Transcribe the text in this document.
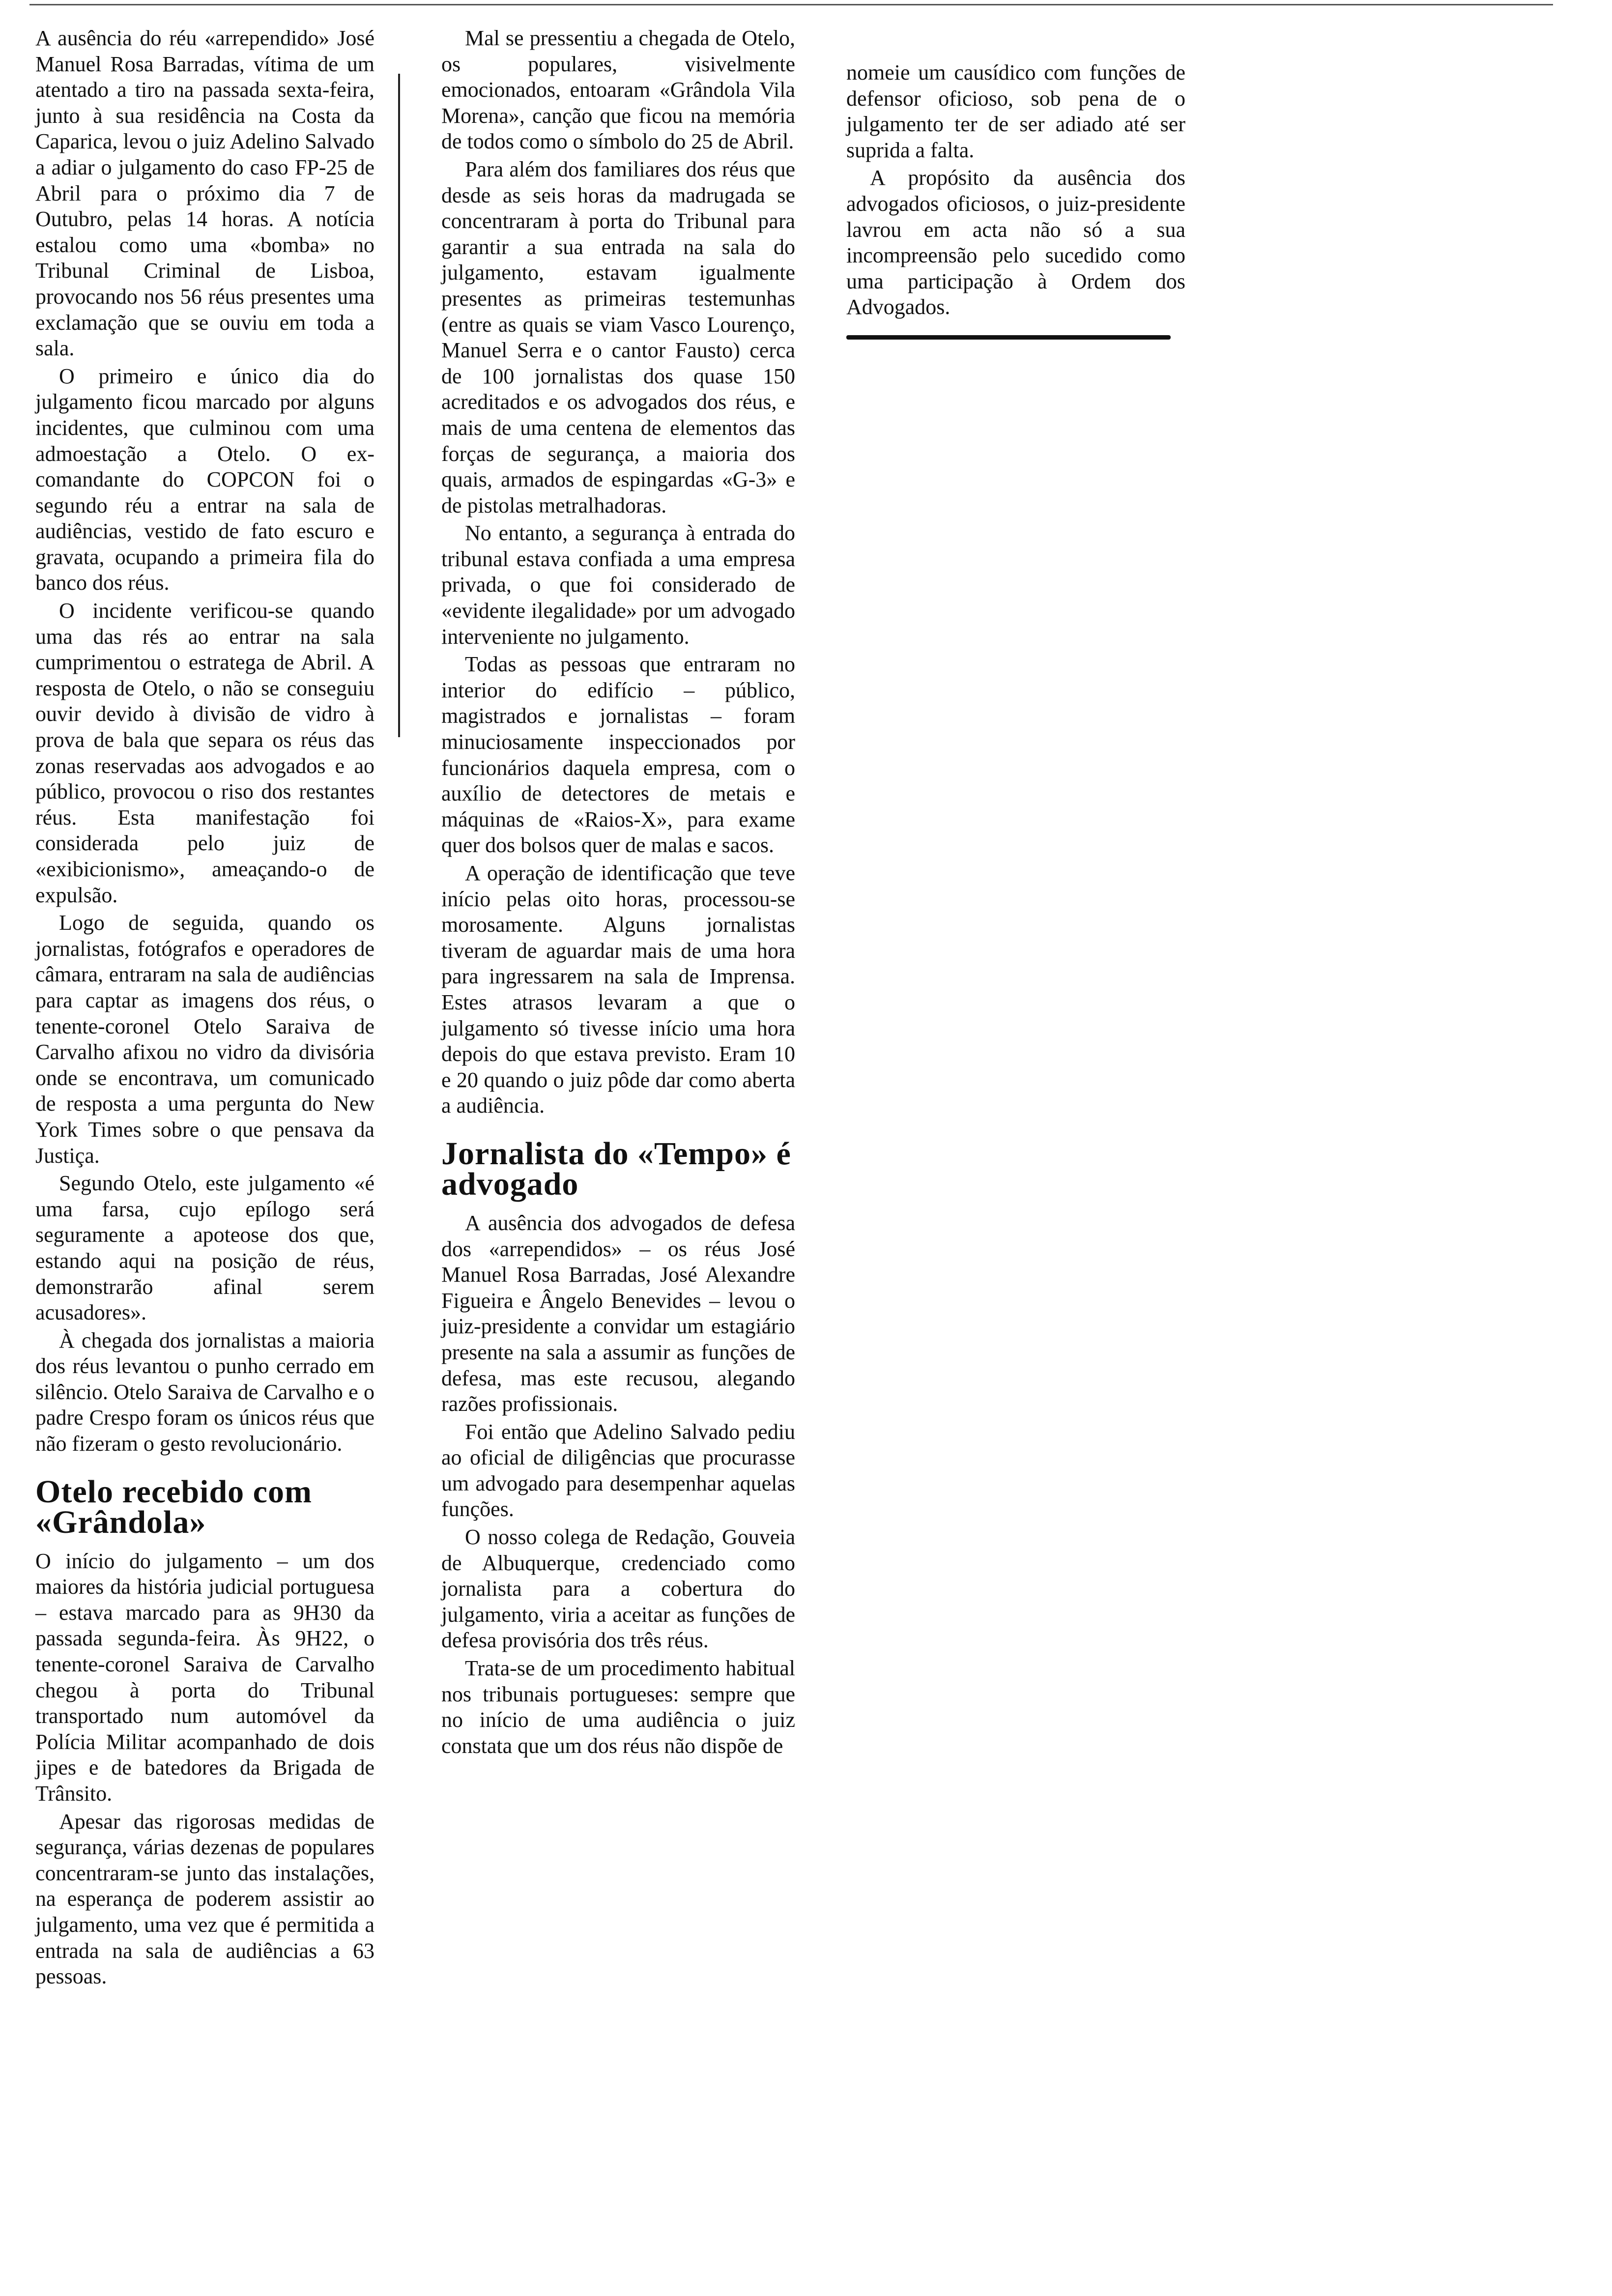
A ausência do réu «arrependido» José Manuel Rosa Barradas, vítima de um atentado a tiro na passada sexta-feira, junto à sua residência na Costa da Caparica, levou o juiz Adelino Salvado a adiar o julgamento do caso FP-25 de Abril para o próximo dia 7 de Outubro, pelas 14 horas. A notícia estalou como uma «bomba» no Tribunal Criminal de Lisboa, provocando nos 56 réus presentes uma exclamação que se ouviu em toda a sala.

O primeiro e único dia do julgamento ficou marcado por alguns incidentes, que culminou com uma admoestação a Otelo. O ex-comandante do COPCON foi o segundo réu a entrar na sala de audiências, vestido de fato escuro e gravata, ocupando a primeira fila do banco dos réus.

O incidente verificou-se quando uma das rés ao entrar na sala cumprimentou o estratega de Abril. A resposta de Otelo, o não se conseguiu ouvir devido à divisão de vidro à prova de bala que separa os réus das zonas reservadas aos advogados e ao público, provocou o riso dos restantes réus. Esta manifestação foi considerada pelo juiz de «exibicionismo», ameaçando-o de expulsão.

Logo de seguida, quando os jornalistas, fotógrafos e operadores de câmara, entraram na sala de audiências para captar as imagens dos réus, o tenente-coronel Otelo Saraiva de Carvalho afixou no vidro da divisória onde se encontrava, um comunicado de resposta a uma pergunta do New York Times sobre o que pensava da Justiça.

Segundo Otelo, este julgamento «é uma farsa, cujo epílogo será seguramente a apoteose dos que, estando aqui na posição de réus, demonstrarão afinal serem acusadores».

À chegada dos jornalistas a maioria dos réus levantou o punho cerrado em silêncio. Otelo Saraiva de Carvalho e o padre Crespo foram os únicos réus que não fizeram o gesto revolucionário.

Otelo recebido com «Grândola»

O início do julgamento – um dos maiores da história judicial portuguesa – estava marcado para as 9H30 da passada segunda-feira. Às 9H22, o tenente-coronel Saraiva de Carvalho chegou à porta do Tribunal transportado num automóvel da Polícia Militar acompanhado de dois jipes e de batedores da Brigada de Trânsito.

Apesar das rigorosas medidas de segurança, várias dezenas de populares concentraram-se junto das instalações, na esperança de poderem assistir ao julgamento, uma vez que é permitida a entrada na sala de audiências a 63 pessoas.

Mal se pressentiu a chegada de Otelo, os populares, visivelmente emocionados, entoaram «Grândola Vila Morena», canção que ficou na memória de todos como o símbolo do 25 de Abril.

Para além dos familiares dos réus que desde as seis horas da madrugada se concentraram à porta do Tribunal para garantir a sua entrada na sala do julgamento, estavam igualmente presentes as primeiras testemunhas (entre as quais se viam Vasco Lourenço, Manuel Serra e o cantor Fausto) cerca de 100 jornalistas dos quase 150 acreditados e os advogados dos réus, e mais de uma centena de elementos das forças de segurança, a maioria dos quais, armados de espingardas «G-3» e de pistolas metralhadoras.

No entanto, a segurança à entrada do tribunal estava confiada a uma empresa privada, o que foi considerado de «evidente ilegalidade» por um advogado interveniente no julgamento.

Todas as pessoas que entraram no interior do edifício – público, magistrados e jornalistas – foram minuciosamente inspeccionados por funcionários daquela empresa, com o auxílio de detectores de metais e máquinas de «Raios-X», para exame quer dos bolsos quer de malas e sacos.

A operação de identificação que teve início pelas oito horas, processou-se morosamente. Alguns jornalistas tiveram de aguardar mais de uma hora para ingressarem na sala de Imprensa. Estes atrasos levaram a que o julgamento só tivesse início uma hora depois do que estava previsto. Eram 10 e 20 quando o juiz pôde dar como aberta a audiência.

Jornalista do «Tempo» é advogado

A ausência dos advogados de defesa dos «arrependidos» – os réus José Manuel Rosa Barradas, José Alexandre Figueira e Ângelo Benevides – levou o juiz-presidente a convidar um estagiário presente na sala a assumir as funções de defesa, mas este recusou, alegando razões profissionais.

Foi então que Adelino Salvado pediu ao oficial de diligências que procurasse um advogado para desempenhar aquelas funções.

O nosso colega de Redação, Gouveia de Albuquerque, credenciado como jornalista para a cobertura do julgamento, viria a aceitar as funções de defesa provisória dos três réus.

Trata-se de um procedimento habitual nos tribunais portugueses: sempre que no início de uma audiência o juiz constata que um dos réus não dispõe de

nomeie um causídico com funções de defensor oficioso, sob pena de o julgamento ter de ser adiado até ser suprida a falta.

A propósito da ausência dos advogados oficiosos, o juiz-presidente lavrou em acta não só a sua incompreensão pelo sucedido como uma participação à Ordem dos Advogados.
